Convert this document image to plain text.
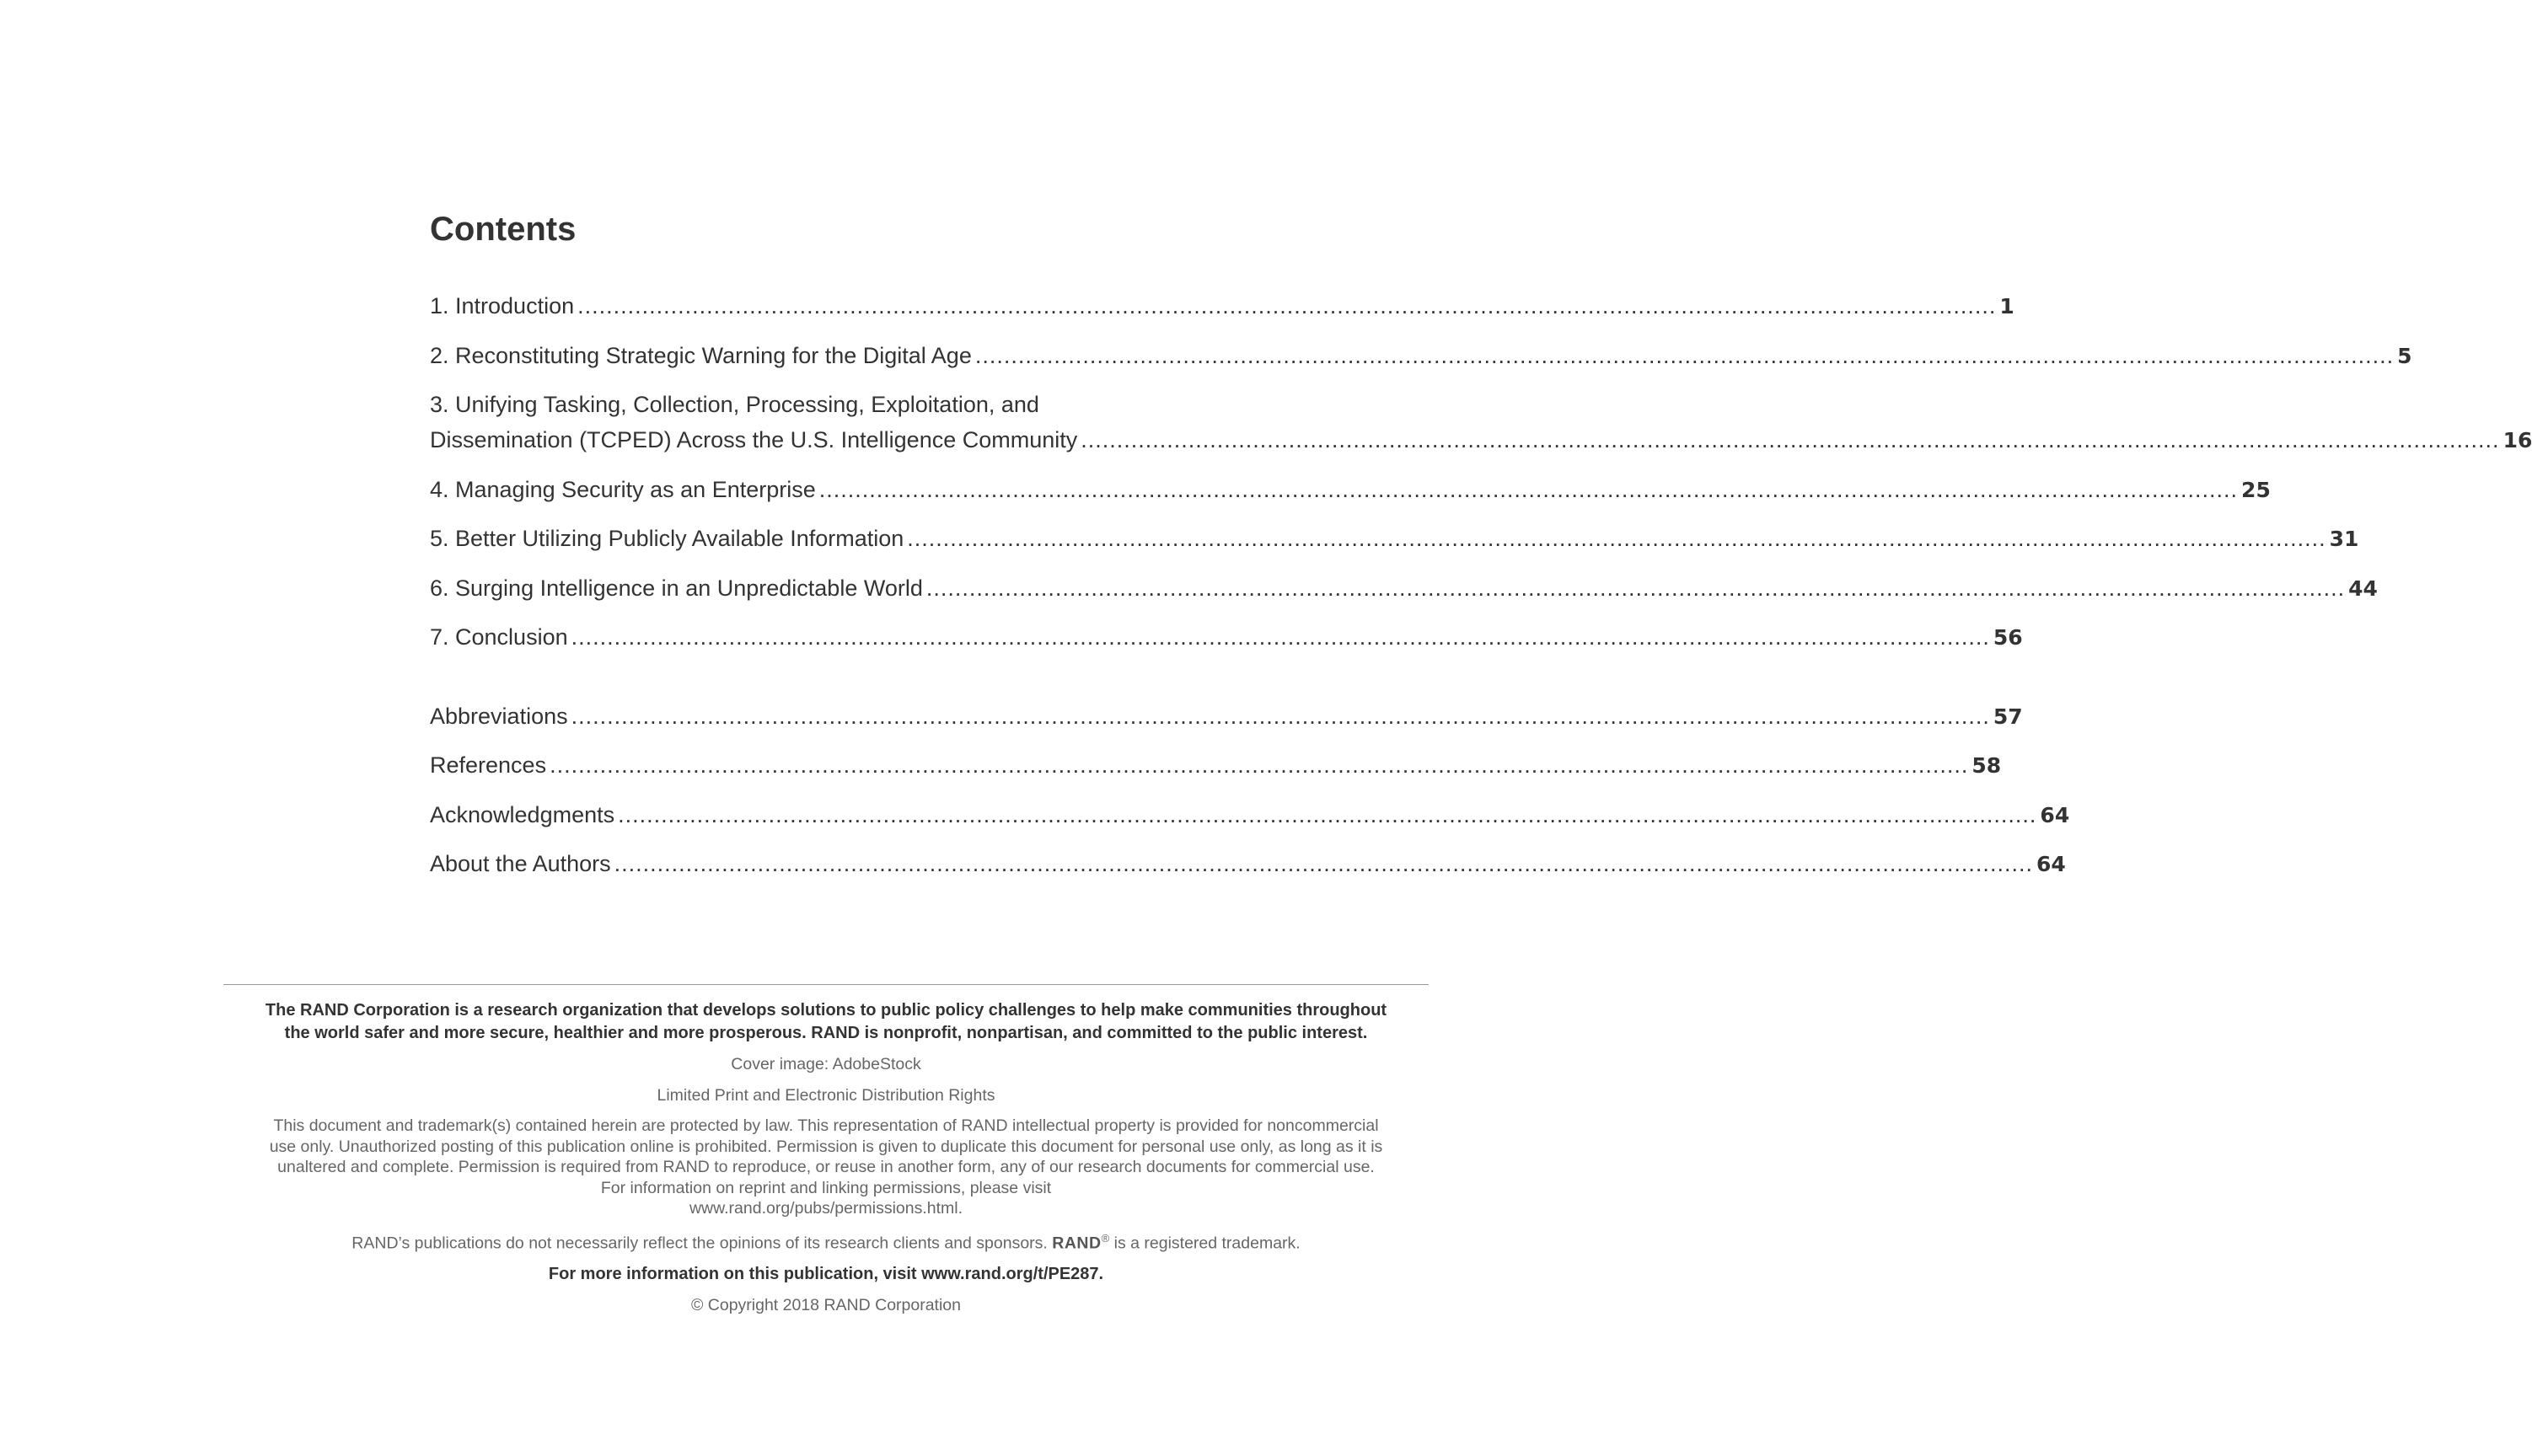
Contents
1. Introduction ...................................................................................................................................................................................................... 1
2. Reconstituting Strategic Warning for the Digital Age ...................................................................................................................................................................................................... 5
3. Unifying Tasking, Collection, Processing, Exploitation, and
Dissemination (TCPED) Across the U.S. Intelligence Community ...................................................................................................................................................................................................... 16
4. Managing Security as an Enterprise ...................................................................................................................................................................................................... 25
5. Better Utilizing Publicly Available Information ...................................................................................................................................................................................................... 31
6. Surging Intelligence in an Unpredictable World ...................................................................................................................................................................................................... 44
7. Conclusion ...................................................................................................................................................................................................... 56
Abbreviations ...................................................................................................................................................................................................... 57
References ...................................................................................................................................................................................................... 58
Acknowledgments ...................................................................................................................................................................................................... 64
About the Authors ...................................................................................................................................................................................................... 64

The RAND Corporation is a research organization that develops solutions to public policy challenges to help make communities throughout
the world safer and more secure, healthier and more prosperous. RAND is nonprofit, nonpartisan, and committed to the public interest.

Cover image: AdobeStock

Limited Print and Electronic Distribution Rights

This document and trademark(s) contained herein are protected by law. This representation of RAND intellectual property is provided for noncommercial
use only. Unauthorized posting of this publication online is prohibited. Permission is given to duplicate this document for personal use only, as long as it is
unaltered and complete. Permission is required from RAND to reproduce, or reuse in another form, any of our research documents for commercial use.
For information on reprint and linking permissions, please visit
www.rand.org/pubs/permissions.html.

RAND’s publications do not necessarily reflect the opinions of its research clients and sponsors. RAND® is a registered trademark.

For more information on this publication, visit www.rand.org/t/PE287.

© Copyright 2018 RAND Corporation
